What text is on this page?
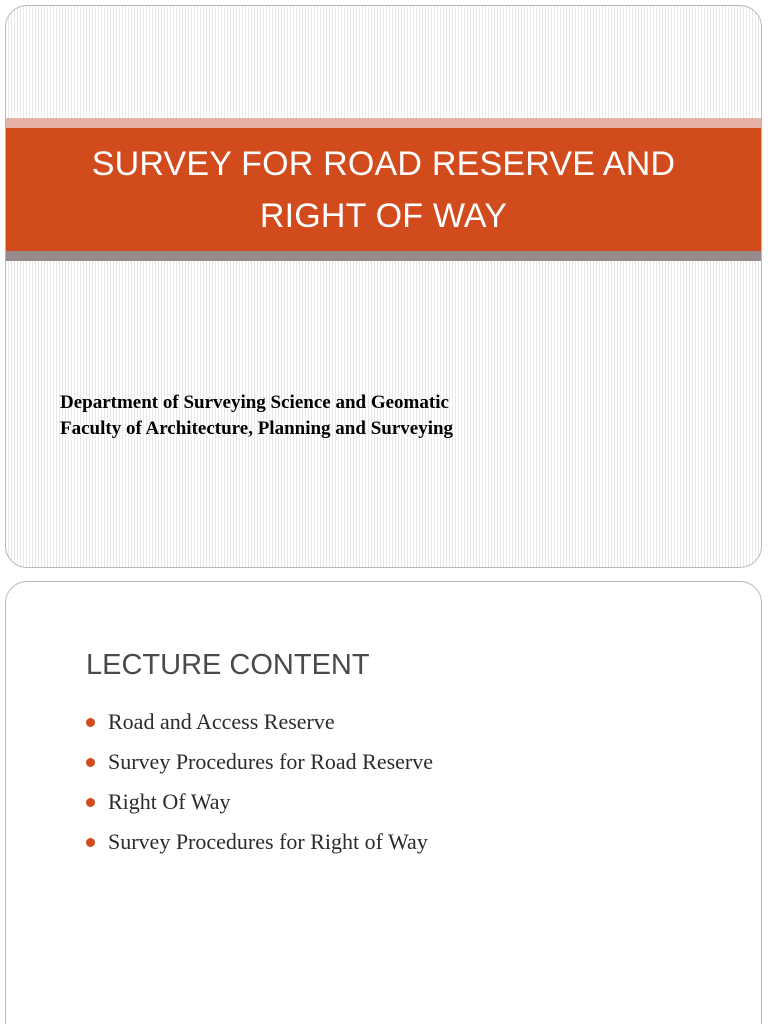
SURVEY FOR ROAD RESERVE AND RIGHT OF WAY
Department of Surveying Science and Geomatic
Faculty of Architecture, Planning and Surveying
LECTURE CONTENT
Road and Access Reserve
Survey Procedures for Road Reserve
Right Of Way
Survey Procedures for Right of Way
